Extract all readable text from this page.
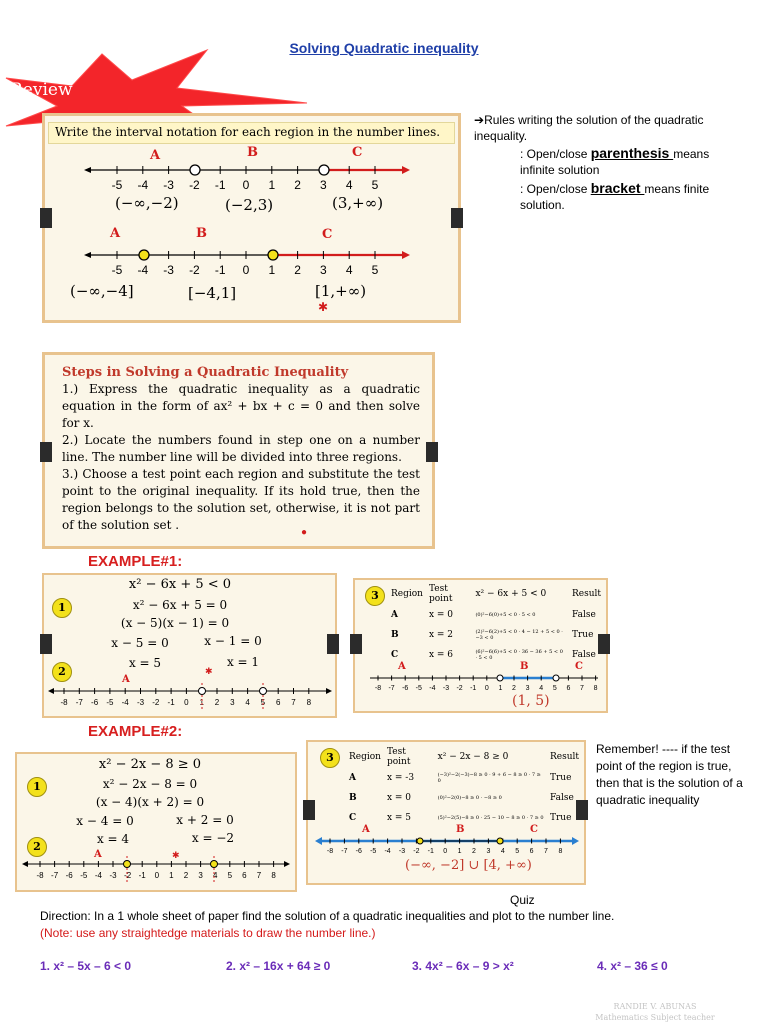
Solving Quadratic inequality
Review
Write the interval notation for each region in the number lines.
A	B	C
-5 -4 -3 -2 -1 0 1 2 3 4 5
(−∞,−2)	(−2,3)	(3,+∞)
A	B	C
-5 -4 -3 -2 -1 0 1 2 3 4 5
(−∞,−4]	[−4,1]	[1,+∞)
✱
➔Rules writing the solution of the quadratic inequality.
: Open/close parenthesis means infinite solution
: Open/close bracket means finite solution.
Steps in Solving a Quadratic Inequality
1.) Express the quadratic inequality as a quadratic equation in the form of ax² + bx + c = 0 and then solve for x.
2.) Locate the numbers found in step one on a number line. The number line will be divided into three regions.
3.) Choose a test point each region and substitute the test point to the original inequality. If its hold true, then the region belongs to the solution set, otherwise, it is not part of the solution set .
●
EXAMPLE#1:
1
x² − 6x + 5 < 0
x² − 6x + 5 = 0
(x − 5)(x − 1) = 0
x − 5 = 0	x − 1 = 0
x = 5	x = 1
2
A
-8 -7 -6 -5 -4 -3 -2 -1 0 1 2 3 4 5 6 7 8
✱
3	Region	Test point	x² − 6x + 5 < 0	Result
A	x = 0	(0)²−6(0)+5 < 0 · 5 < 0	False
B	x = 2	(2)²−6(2)+5 < 0 · 4 − 12 + 5 < 0 · −3 < 0	True
C	x = 6	(6)²−6(6)+5 < 0 · 36 − 36 + 5 < 0 · 5 < 0	False
A	B	C
-8 -7 -6 -5 -4 -3 -2 -1 0 1 2 3 4 5 6 7 8
(1, 5)
EXAMPLE#2:
1
x² − 2x − 8 ≥ 0
x² − 2x − 8 = 0
(x − 4)(x + 2) = 0
x − 4 = 0	x + 2 = 0
x = 4	x = −2
2
A	✱
-8 -7 -6 -5 -4 -3 -2 -1 0 1 2 3 4 5 6 7 8
3	Region	Test point	x² − 2x − 8 ≥ 0	Result
A	x = -3	(−3)²−2(−3)−8 ≥ 0 · 9 + 6 − 8 ≥ 0 · 7 ≥ 0	True
B	x = 0	(0)²−2(0)−8 ≥ 0 · −8 ≥ 0	False
C	x = 5	(5)²−2(5)−8 ≥ 0 · 25 − 10 − 8 ≥ 0 · 7 ≥ 0	True
A	B	C
-8 -7 -6 -5 -4 -3 -2 -1 0 1 2 3 4 5 6 7 8
(−∞, −2] ∪ [4, +∞)
Remember! ---- if the test point of the region is true, then that is the solution of a quadratic inequality
Quiz
Direction: In a 1 whole sheet of paper find the solution of a quadratic inequalities and plot to the number line.
(Note: use any straightedge materials to draw the number line.)
1. x² – 5x – 6 < 0	2. x² – 16x + 64 ≥ 0	3. 4x² – 6x – 9 > x²	4. x² – 36 ≤ 0
RANDIE V. ABUNAS
Mathematics Subject teacher
